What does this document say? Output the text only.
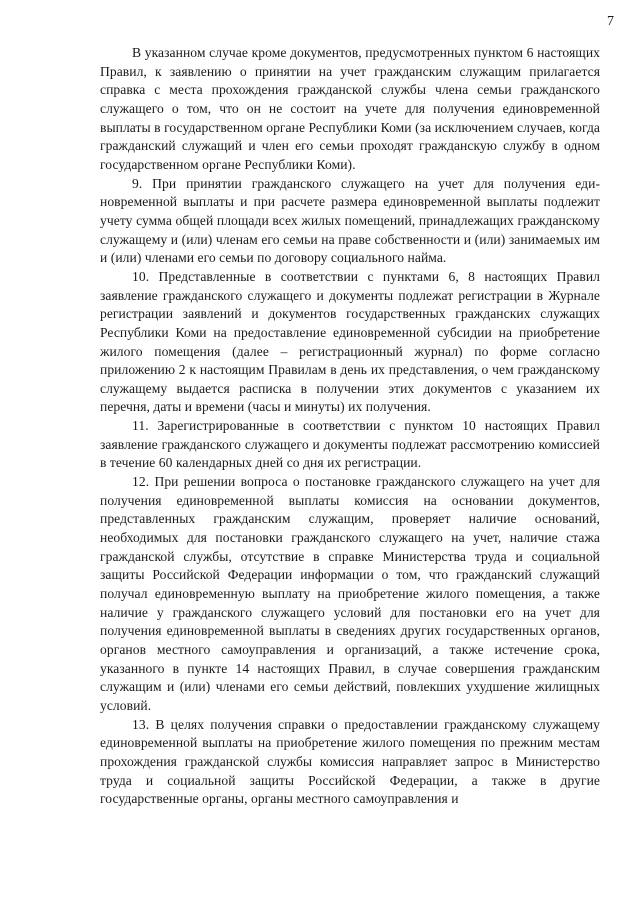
7

В указанном случае кроме документов, предусмотренных пунктом 6 настоящих Правил, к заявлению о принятии на учет гражданским служащим прилагается справка с места прохождения гражданской службы члена семьи гражданского служащего о том, что он не состоит на учете для получения единовременной выплаты в государственном органе Республики Коми (за исключением случаев, когда гражданский служащий и член его семьи проходят гражданскую службу в одном государственном органе Республики Коми).

9. При принятии гражданского служащего на учет для получения единовременной выплаты и при расчете размера единовременной выплаты подлежит учету сумма общей площади всех жилых помещений, принадлежащих гражданскому служащему и (или) членам его семьи на праве собственности и (или) занимаемых им и (или) членами его семьи по договору социального найма.

10. Представленные в соответствии с пунктами 6, 8 настоящих Правил заявление гражданского служащего и документы подлежат регистрации в Журнале регистрации заявлений и документов государственных гражданских служащих Республики Коми на предоставление единовременной субсидии на приобретение жилого помещения (далее – регистрационный журнал) по форме согласно приложению 2 к настоящим Правилам в день их представления, о чем гражданскому служащему выдается расписка в получении этих документов с указанием их перечня, даты и времени (часы и минуты) их получения.

11. Зарегистрированные в соответствии с пунктом 10 настоящих Правил заявление гражданского служащего и документы подлежат рассмотрению комиссией в течение 60 календарных дней со дня их регистрации.

12. При решении вопроса о постановке гражданского служащего на учет для получения единовременной выплаты комиссия на основании документов, представленных гражданским служащим, проверяет наличие оснований, необходимых для постановки гражданского служащего на учет, наличие стажа гражданской службы, отсутствие в справке Министерства труда и социальной защиты Российской Федерации информации о том, что гражданский служащий получал единовременную выплату на приобретение жилого помещения, а также наличие у гражданского служащего условий для постановки его на учет для получения единовременной выплаты в сведениях других государственных органов, органов местного самоуправления и организаций, а также истечение срока, указанного в пункте 14 настоящих Правил, в случае совершения гражданским служащим и (или) членами его семьи действий, повлекших ухудшение жилищных условий.

13. В целях получения справки о предоставлении гражданскому служащему единовременной выплаты на приобретение жилого помещения по прежним местам прохождения гражданской службы комиссия направляет запрос в Министерство труда и социальной защиты Российской Федерации, а также в другие государственные органы, органы местного самоуправления и
